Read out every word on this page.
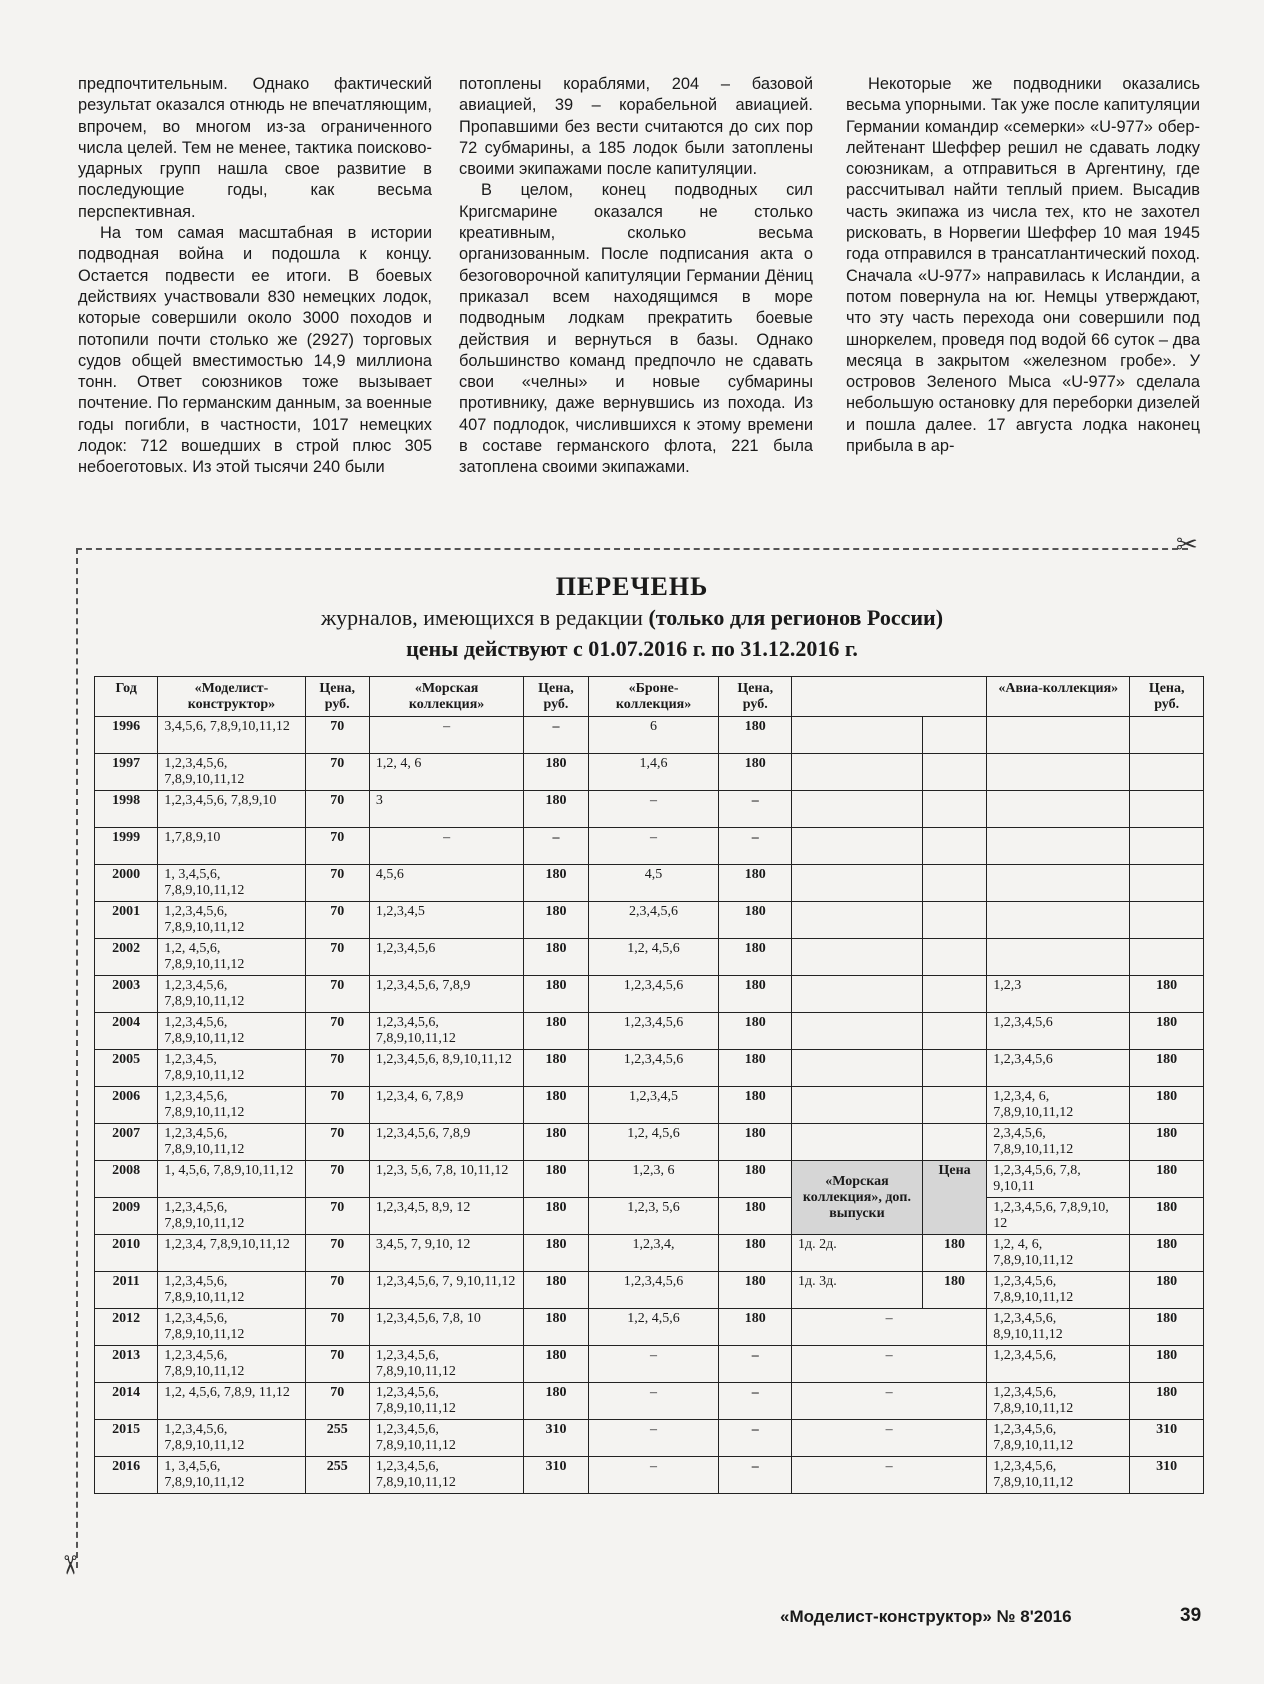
предпочтительным. Однако фактический результат оказался отнюдь не впечатляющим, впрочем, во многом из-за ограниченного числа целей. Тем не менее, тактика поисково-ударных групп нашла свое развитие в последующие годы, как весьма перспективная.

На том самая масштабная в истории подводная война и подошла к концу. Остается подвести ее итоги. В боевых действиях участвовали 830 немецких лодок, которые совершили около 3000 походов и потопили почти столько же (2927) торговых судов общей вместимостью 14,9 миллиона тонн. Ответ союзников тоже вызывает почтение. По германским данным, за военные годы погибли, в частности, 1017 немецких лодок: 712 вошедших в строй плюс 305 небоеготовых. Из этой тысячи 240 были

потоплены кораблями, 204 – базовой авиацией, 39 – корабельной авиацией. Пропавшими без вести считаются до сих пор 72 субмарины, а 185 лодок были затоплены своими экипажами после капитуляции.

В целом, конец подводных сил Кригсмарине оказался не столько креативным, сколько весьма организованным. После подписания акта о безоговорочной капитуляции Германии Дёниц приказал всем находящимся в море подводным лодкам прекратить боевые действия и вернуться в базы. Однако большинство команд предпочло не сдавать свои «челны» и новые субмарины противнику, даже вернувшись из похода. Из 407 подлодок, числившихся к этому времени в составе германского флота, 221 была затоплена своими экипажами.

Некоторые же подводники оказались весьма упорными. Так уже после капитуляции Германии командир «семерки» «U-977» обер-лейтенант Шеффер решил не сдавать лодку союзникам, а отправиться в Аргентину, где рассчитывал найти теплый прием. Высадив часть экипажа из числа тех, кто не захотел рисковать, в Норвегии Шеффер 10 мая 1945 года отправился в трансатлантический поход. Сначала «U-977» направилась к Исландии, а потом повернула на юг. Немцы утверждают, что эту часть перехода они совершили под шноркелем, проведя под водой 66 суток – два месяца в закрытом «железном гробе». У островов Зеленого Мыса «U-977» сделала небольшую остановку для переборки дизелей и пошла далее. 17 августа лодка наконец прибыла в ар-

✂
✂
ПЕРЕЧЕНЬ
журналов, имеющихся в редакции (только для регионов России)
цены действуют с 01.07.2016 г. по 31.12.2016 г.
Год	«Моделист-конструктор»	Цена, руб.	«Морская коллекция»	Цена, руб.	«Броне-коллекция»	Цена, руб.			«Авиа-коллекция»	Цена, руб.
1996	3,4,5,6, 7,8,9,10,11,12	70	–	–	6	180				
1997	1,2,3,4,5,6, 7,8,9,10,11,12	70	1,2, 4, 6	180	1,4,6	180				
1998	1,2,3,4,5,6, 7,8,9,10	70	3	180	–	–				
1999	1,7,8,9,10	70	–	–	–	–				
2000	1, 3,4,5,6, 7,8,9,10,11,12	70	4,5,6	180	4,5	180				
2001	1,2,3,4,5,6, 7,8,9,10,11,12	70	1,2,3,4,5	180	2,3,4,5,6	180				
2002	1,2, 4,5,6, 7,8,9,10,11,12	70	1,2,3,4,5,6	180	1,2, 4,5,6	180				
2003	1,2,3,4,5,6, 7,8,9,10,11,12	70	1,2,3,4,5,6, 7,8,9	180	1,2,3,4,5,6	180			1,2,3	180
2004	1,2,3,4,5,6, 7,8,9,10,11,12	70	1,2,3,4,5,6, 7,8,9,10,11,12	180	1,2,3,4,5,6	180			1,2,3,4,5,6	180
2005	1,2,3,4,5, 7,8,9,10,11,12	70	1,2,3,4,5,6, 8,9,10,11,12	180	1,2,3,4,5,6	180			1,2,3,4,5,6	180
2006	1,2,3,4,5,6, 7,8,9,10,11,12	70	1,2,3,4, 6, 7,8,9	180	1,2,3,4,5	180			1,2,3,4, 6, 7,8,9,10,11,12	180
2007	1,2,3,4,5,6, 7,8,9,10,11,12	70	1,2,3,4,5,6, 7,8,9	180	1,2, 4,5,6	180			2,3,4,5,6, 7,8,9,10,11,12	180
2008	1, 4,5,6, 7,8,9,10,11,12	70	1,2,3, 5,6, 7,8, 10,11,12	180	1,2,3, 6	180	«Морская коллекция», доп. выпуски	Цена	1,2,3,4,5,6, 7,8, 9,10,11	180
2009	1,2,3,4,5,6, 7,8,9,10,11,12	70	1,2,3,4,5, 8,9, 12	180	1,2,3, 5,6	180			1,2,3,4,5,6, 7,8,9,10, 12	180
2010	1,2,3,4, 7,8,9,10,11,12	70	3,4,5, 7, 9,10, 12	180	1,2,3,4,	180	1д. 2д.	180	1,2, 4, 6, 7,8,9,10,11,12	180
2011	1,2,3,4,5,6, 7,8,9,10,11,12	70	1,2,3,4,5,6, 7, 9,10,11,12	180	1,2,3,4,5,6	180	1д. 3д.	180	1,2,3,4,5,6, 7,8,9,10,11,12	180
2012	1,2,3,4,5,6, 7,8,9,10,11,12	70	1,2,3,4,5,6, 7,8, 10	180	1,2, 4,5,6	180	–		1,2,3,4,5,6, 8,9,10,11,12	180
2013	1,2,3,4,5,6, 7,8,9,10,11,12	70	1,2,3,4,5,6, 7,8,9,10,11,12	180	–	–	–		1,2,3,4,5,6,	180
2014	1,2, 4,5,6, 7,8,9, 11,12	70	1,2,3,4,5,6, 7,8,9,10,11,12	180	–	–	–		1,2,3,4,5,6, 7,8,9,10,11,12	180
2015	1,2,3,4,5,6, 7,8,9,10,11,12	255	1,2,3,4,5,6, 7,8,9,10,11,12	310	–	–	–		1,2,3,4,5,6, 7,8,9,10,11,12	310
2016	1, 3,4,5,6, 7,8,9,10,11,12	255	1,2,3,4,5,6, 7,8,9,10,11,12	310	–	–	–		1,2,3,4,5,6, 7,8,9,10,11,12	310
«Моделист-конструктор» № 8'2016	39
